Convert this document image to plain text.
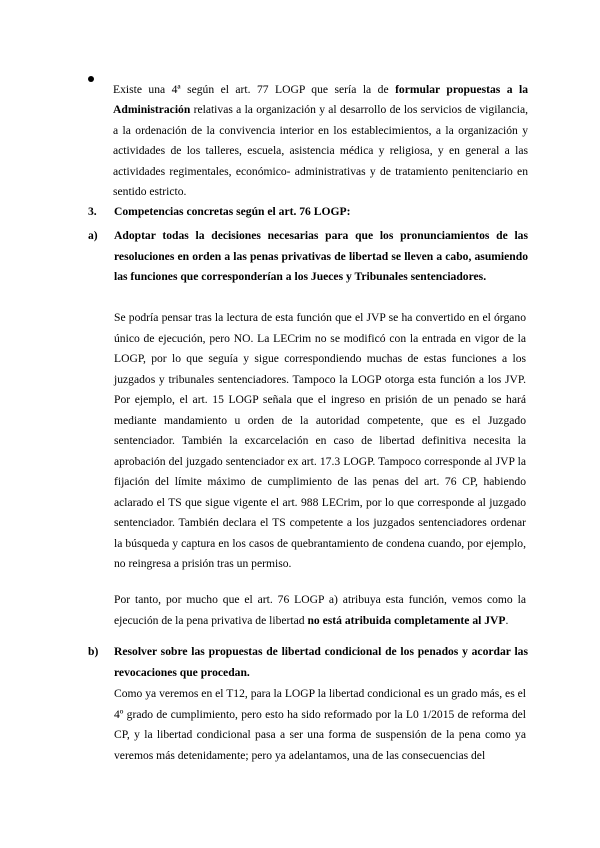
Existe una 4ª según el art. 77 LOGP que sería la de formular propuestas a la Administración relativas a la organización y al desarrollo de los servicios de vigilancia, a la ordenación de la convivencia interior en los establecimientos, a la organización y actividades de los talleres, escuela, asistencia médica y religiosa, y en general a las actividades regimentales, económico- administrativas y de tratamiento penitenciario en sentido estricto.

3. Competencias concretas según el art. 76 LOGP:
a)	Adoptar todas la decisiones necesarias para que los pronunciamientos de las resoluciones en orden a las penas privativas de libertad se lleven a cabo, asumiendo las funciones que corresponderían a los Jueces y Tribunales sentenciadores.

Se podría pensar tras la lectura de esta función que el JVP se ha convertido en el órgano único de ejecución, pero NO. La LECrim no se modificó con la entrada en vigor de la LOGP, por lo que seguía y sigue correspondiendo muchas de estas funciones a los juzgados y tribunales sentenciadores. Tampoco la LOGP otorga esta función a los JVP. Por ejemplo, el art. 15 LOGP señala que el ingreso en prisión de un penado se hará mediante mandamiento u orden de la autoridad competente, que es el Juzgado sentenciador. También la excarcelación en caso de libertad definitiva necesita la aprobación del juzgado sentenciador ex art. 17.3 LOGP. Tampoco corresponde al JVP la fijación del límite máximo de cumplimiento de las penas del art. 76 CP, habiendo aclarado el TS que sigue vigente el art. 988 LECrim, por lo que corresponde al juzgado sentenciador. También declara el TS competente a los juzgados sentenciadores ordenar la búsqueda y captura en los casos de quebrantamiento de condena cuando, por ejemplo, no reingresa a prisión tras un permiso.

Por tanto, por mucho que el art. 76 LOGP a) atribuya esta función, vemos como la ejecución de la pena privativa de libertad no está atribuida completamente al JVP.

b)	Resolver sobre las propuestas de libertad condicional de los penados y acordar las revocaciones que procedan.

Como ya veremos en el T12, para la LOGP la libertad condicional es un grado más, es el 4º grado de cumplimiento, pero esto ha sido reformado por la L0 1/2015 de reforma del CP, y la libertad condicional pasa a ser una forma de suspensión de la pena como ya veremos más detenidamente; pero ya adelantamos, una de las consecuencias del
